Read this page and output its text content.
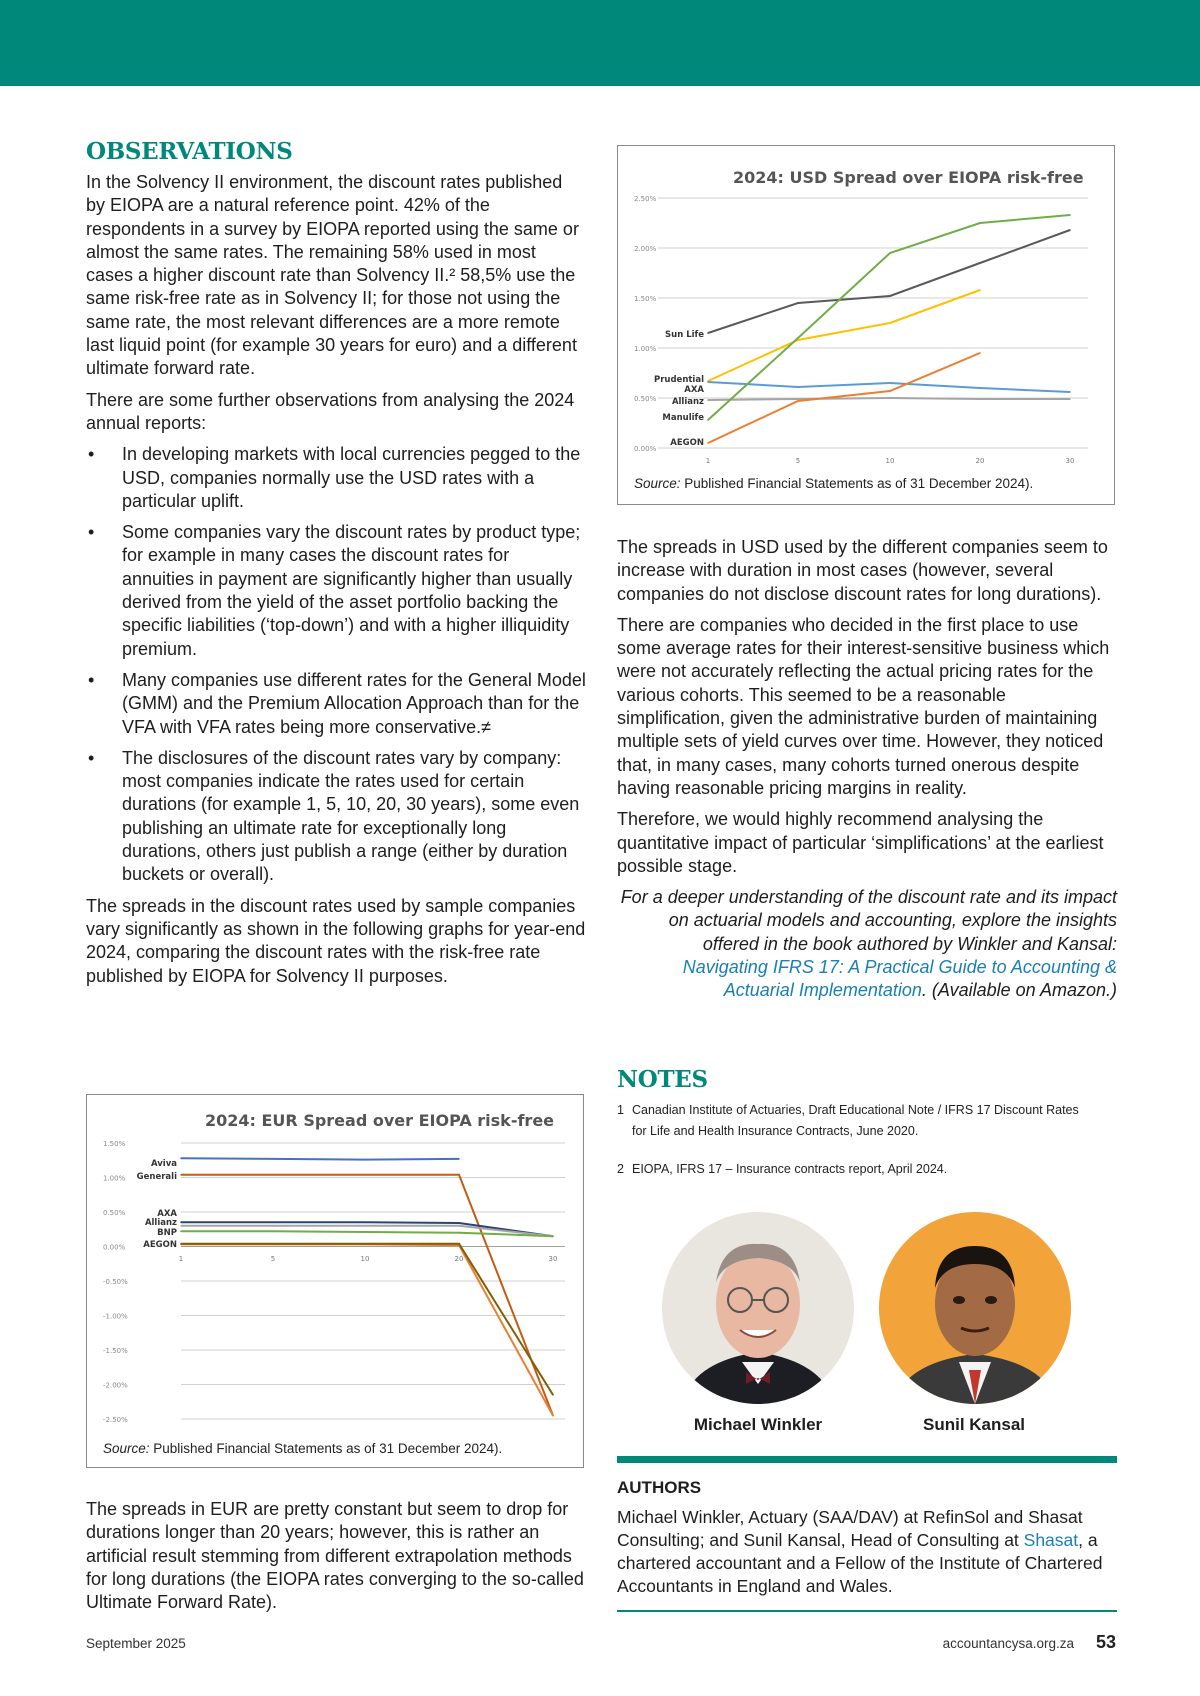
OBSERVATIONS

In the Solvency II environment, the discount rates published by EIOPA are a natural reference point. 42% of the respondents in a survey by EIOPA reported using the same or almost the same rates. The remaining 58% used in most cases a higher discount rate than Solvency II.² 58,5% use the same risk-free rate as in Solvency II; for those not using the same rate, the most relevant differences are a more remote last liquid point (for example 30 years for euro) and a different ultimate forward rate.

There are some further observations from analysing the 2024 annual reports:

• In developing markets with local currencies pegged to the USD, companies normally use the USD rates with a particular uplift.
• Some companies vary the discount rates by product type; for example in many cases the discount rates for annuities in payment are significantly higher than usually derived from the yield of the asset portfolio backing the specific liabilities (‘top-down’) and with a higher illiquidity premium.
• Many companies use different rates for the General Model (GMM) and the Premium Allocation Approach than for the VFA with VFA rates being more conservative.≠
• The disclosures of the discount rates vary by company: most companies indicate the rates used for certain durations (for example 1, 5, 10, 20, 30 years), some even publishing an ultimate rate for exceptionally long durations, others just publish a range (either by duration buckets or overall).

The spreads in the discount rates used by sample companies vary significantly as shown in the following graphs for year-end 2024, comparing the discount rates with the risk-free rate published by EIOPA for Solvency II purposes.

2024: EUR Spread over EIOPA risk-free
1.50%
1.00%
0.50%
0.00%
-0.50%
-1.00%
-1.50%
-2.00%
-2.50%
1	5	10	20	30
Aviva
Generali
AXA
Allianz
BNP
AEGON
Source: Published Financial Statements as of 31 December 2024).

The spreads in EUR are pretty constant but seem to drop for durations longer than 20 years; however, this is rather an artificial result stemming from different extrapolation methods for long durations (the EIOPA rates converging to the so-called Ultimate Forward Rate).

2024: USD Spread over EIOPA risk-free
2.50%
2.00%
1.50%
1.00%
0.50%
0.00%
1	5	10	20	30
Sun Life
Prudential
AXA
Allianz
Manulife
AEGON
Source: Published Financial Statements as of 31 December 2024).

The spreads in USD used by the different companies seem to increase with duration in most cases (however, several companies do not disclose discount rates for long durations).

There are companies who decided in the first place to use some average rates for their interest-sensitive business which were not accurately reflecting the actual pricing rates for the various cohorts. This seemed to be a reasonable simplification, given the administrative burden of maintaining multiple sets of yield curves over time. However, they noticed that, in many cases, many cohorts turned onerous despite having reasonable pricing margins in reality.

Therefore, we would highly recommend analysing the quantitative impact of particular ‘simplifications’ at the earliest possible stage.

For a deeper understanding of the discount rate and its impact on actuarial models and accounting, explore the insights offered in the book authored by Winkler and Kansal: Navigating IFRS 17: A Practical Guide to Accounting & Actuarial Implementation. (Available on Amazon.)

NOTES
1 Canadian Institute of Actuaries, Draft Educational Note / IFRS 17 Discount Rates
for Life and Health Insurance Contracts, June 2020.
2 EIOPA, IFRS 17 – Insurance contracts report, April 2024.
Michael Winkler	Sunil Kansal
AUTHORS
Michael Winkler, Actuary (SAA/DAV) at RefinSol and Shasat Consulting; and Sunil Kansal, Head of Consulting at Shasat, a chartered accountant and a Fellow of the Institute of Chartered Accountants in England and Wales.
September 2025	accountancysa.org.za 53
